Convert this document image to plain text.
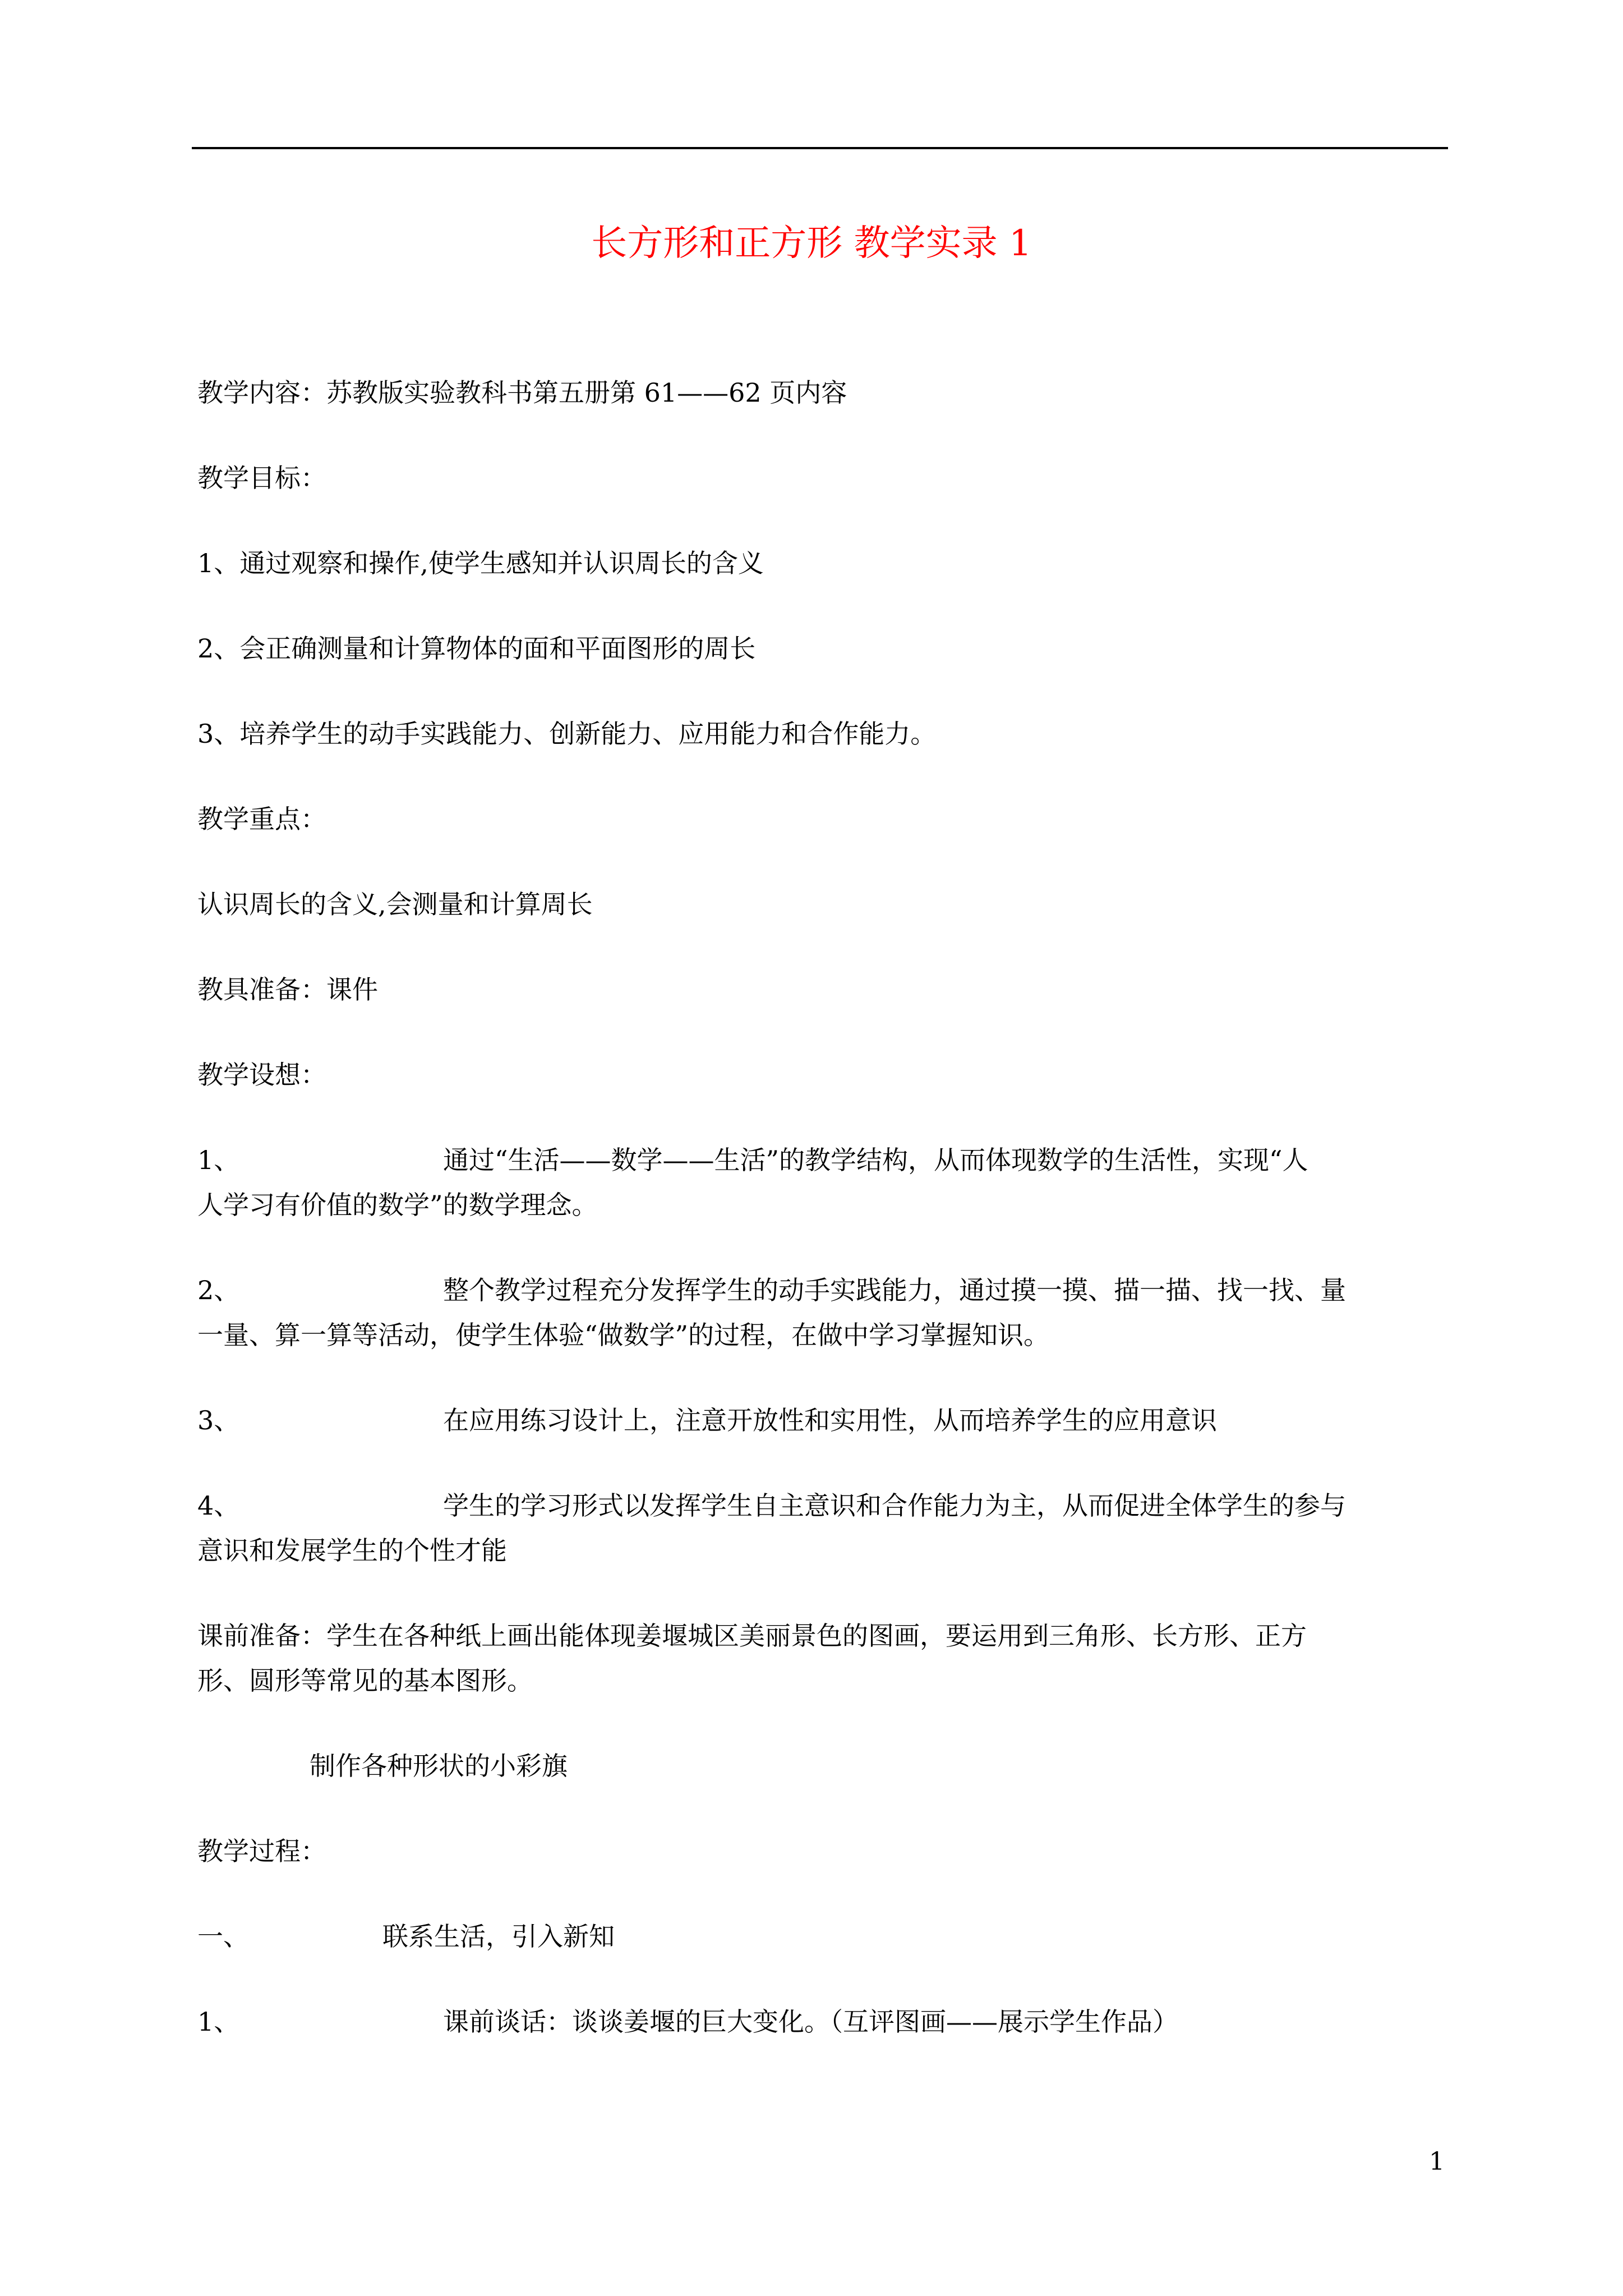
长方形和正方形 教学实录 1
教学内容：苏教版实验教科书第五册第 61——62 页内容
教学目标：
1、通过观察和操作,使学生感知并认识周长的含义
2、会正确测量和计算物体的面和平面图形的周长
3、培养学生的动手实践能力、创新能力、应用能力和合作能力。
教学重点：
认识周长的含义,会测量和计算周长
教具准备：课件
教学设想：
1、	通过“生活——数学——生活”的教学结构，从而体现数学的生活性，实现“人
人学习有价值的数学”的数学理念。
2、	整个教学过程充分发挥学生的动手实践能力，通过摸一摸、描一描、找一找、量
一量、算一算等活动，使学生体验“做数学”的过程，在做中学习掌握知识。
3、	在应用练习设计上，注意开放性和实用性，从而培养学生的应用意识
4、	学生的学习形式以发挥学生自主意识和合作能力为主，从而促进全体学生的参与
意识和发展学生的个性才能
课前准备：学生在各种纸上画出能体现姜堰城区美丽景色的图画，要运用到三角形、长方形、正方
形、圆形等常见的基本图形。
制作各种形状的小彩旗
教学过程：
一、	联系生活，引入新知
1、	课前谈话：谈谈姜堰的巨大变化。（互评图画——展示学生作品）
1
